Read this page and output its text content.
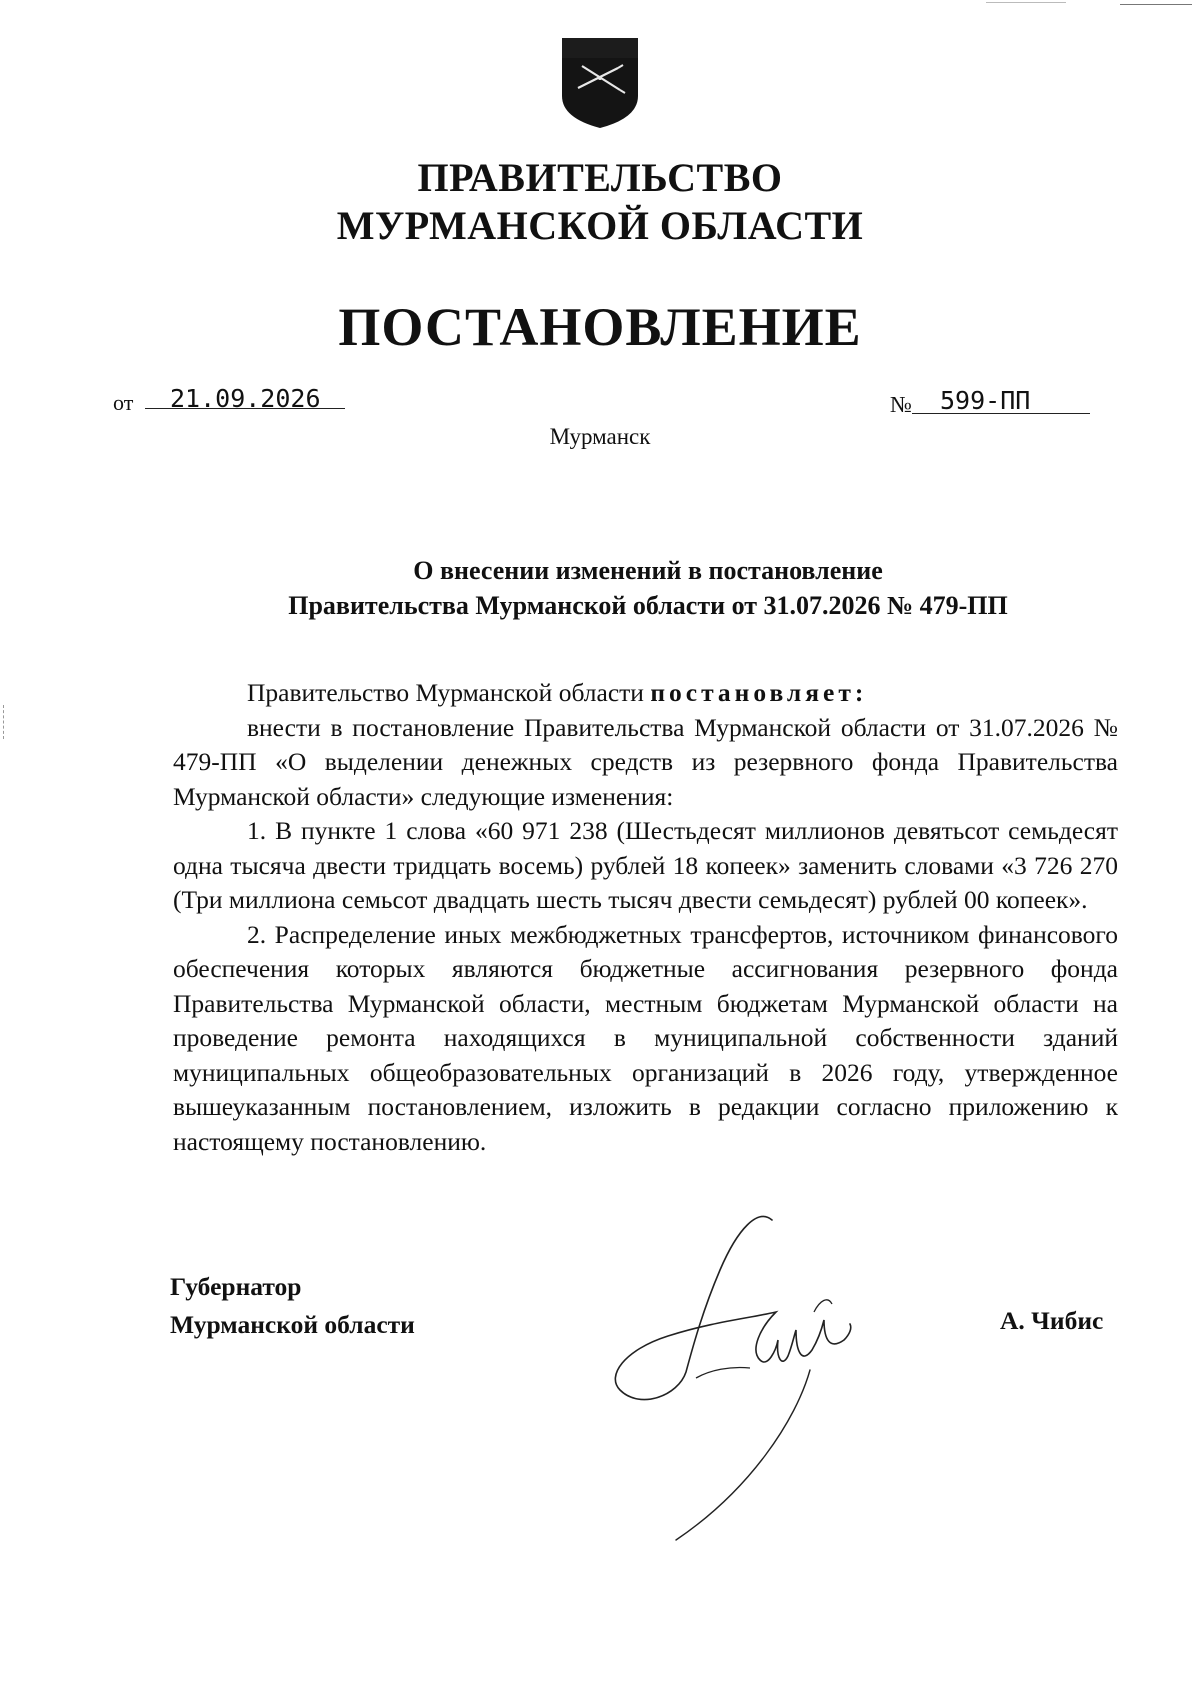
ПРАВИТЕЛЬСТВО
МУРМАНСКОЙ ОБЛАСТИ
ПОСТАНОВЛЕНИЕ
от 21.09.2026	№ 599-ПП
Мурманск
О внесении изменений в постановление
Правительства Мурманской области от 31.07.2026 № 479-ПП

Правительство Мурманской области постановляет:

внести в постановление Правительства Мурманской области от 31.07.2026 № 479-ПП «О выделении денежных средств из резервного фонда Правительства Мурманской области» следующие изменения:

1. В пункте 1 слова «60 971 238 (Шестьдесят миллионов девятьсот семьдесят одна тысяча двести тридцать восемь) рублей 18 копеек» заменить словами «3 726 270 (Три миллиона семьсот двадцать шесть тысяч двести семьдесят) рублей 00 копеек».

2. Распределение иных межбюджетных трансфертов, источником финансового обеспечения которых являются бюджетные ассигнования резервного фонда Правительства Мурманской области, местным бюджетам Мурманской области на проведение ремонта находящихся в муниципальной собственности зданий муниципальных общеобразовательных организаций в 2026 году, утвержденное вышеуказанным постановлением, изложить в редакции согласно приложению к настоящему постановлению.

Губернатор
Мурманской области	А. Чибис
